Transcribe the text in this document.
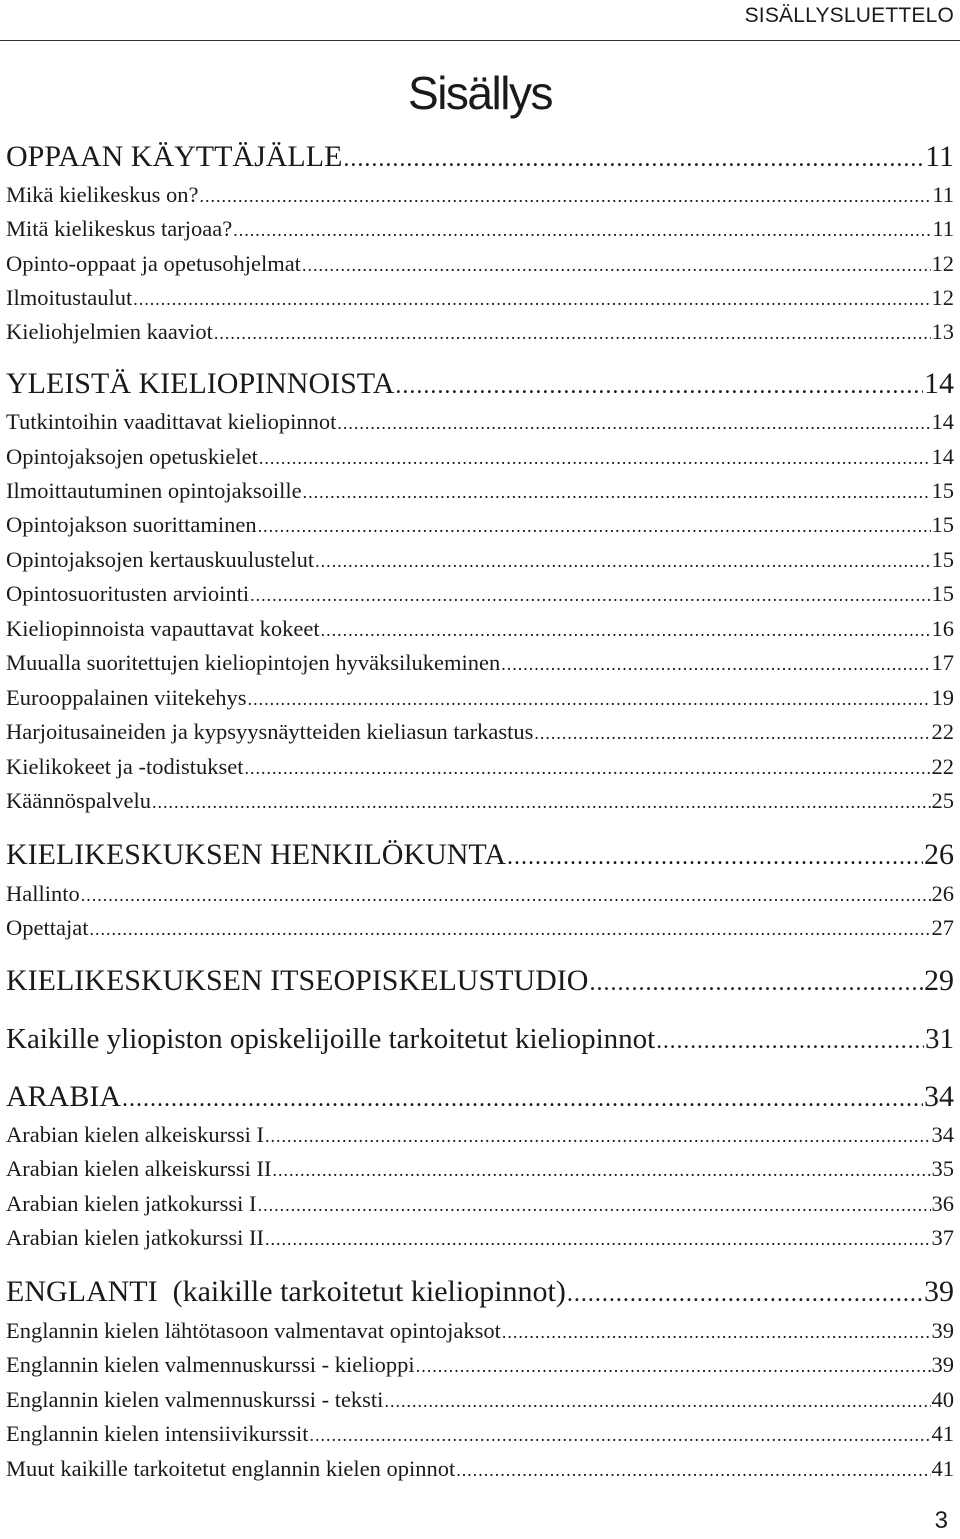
SISÄLLYSLUETTELO
Sisällys
OPPAAN KÄYTTÄJÄLLE .....	11
Mikä kielikeskus on? .....	11
Mitä kielikeskus tarjoaa? .....	11
Opinto-oppaat ja opetusohjelmat .....	12
Ilmoitustaulut .....	12
Kieliohjelmien kaaviot .....	13
YLEISTÄ KIELIOPINNOISTA .....	14
Tutkintoihin vaadittavat kieliopinnot .....	14
Opintojaksojen opetuskielet .....	14
Ilmoittautuminen opintojaksoille .....	15
Opintojakson suorittaminen .....	15
Opintojaksojen kertauskuulustelut .....	15
Opintosuoritusten arviointi .....	15
Kieliopinnoista vapauttavat kokeet .....	16
Muualla suoritettujen kieliopintojen hyväksilukeminen .....	17
Eurooppalainen viitekehys .....	19
Harjoitusaineiden ja kypsyysnäytteiden kieliasun tarkastus .....	22
Kielikokeet ja -todistukset .....	22
Käännöspalvelu .....	25
KIELIKESKUKSEN HENKILÖKUNTA .....	26
Hallinto .....	26
Opettajat .....	27
KIELIKESKUKSEN ITSEOPISKELUSTUDIO .....	29
Kaikille yliopiston opiskelijoille tarkoitetut kieliopinnot .....	31
ARABIA .....	34
Arabian kielen alkeiskurssi I .....	34
Arabian kielen alkeiskurssi II .....	35
Arabian kielen jatkokurssi I .....	36
Arabian kielen jatkokurssi II .....	37
ENGLANTI  (kaikille tarkoitetut kieliopinnot) .....	39
Englannin kielen lähtötasoon valmentavat opintojaksot .....	39
Englannin kielen valmennuskurssi - kielioppi .....	39
Englannin kielen valmennuskurssi - teksti .....	40
Englannin kielen intensiivikurssit .....	41
Muut kaikille tarkoitetut englannin kielen opinnot .....	41
3
